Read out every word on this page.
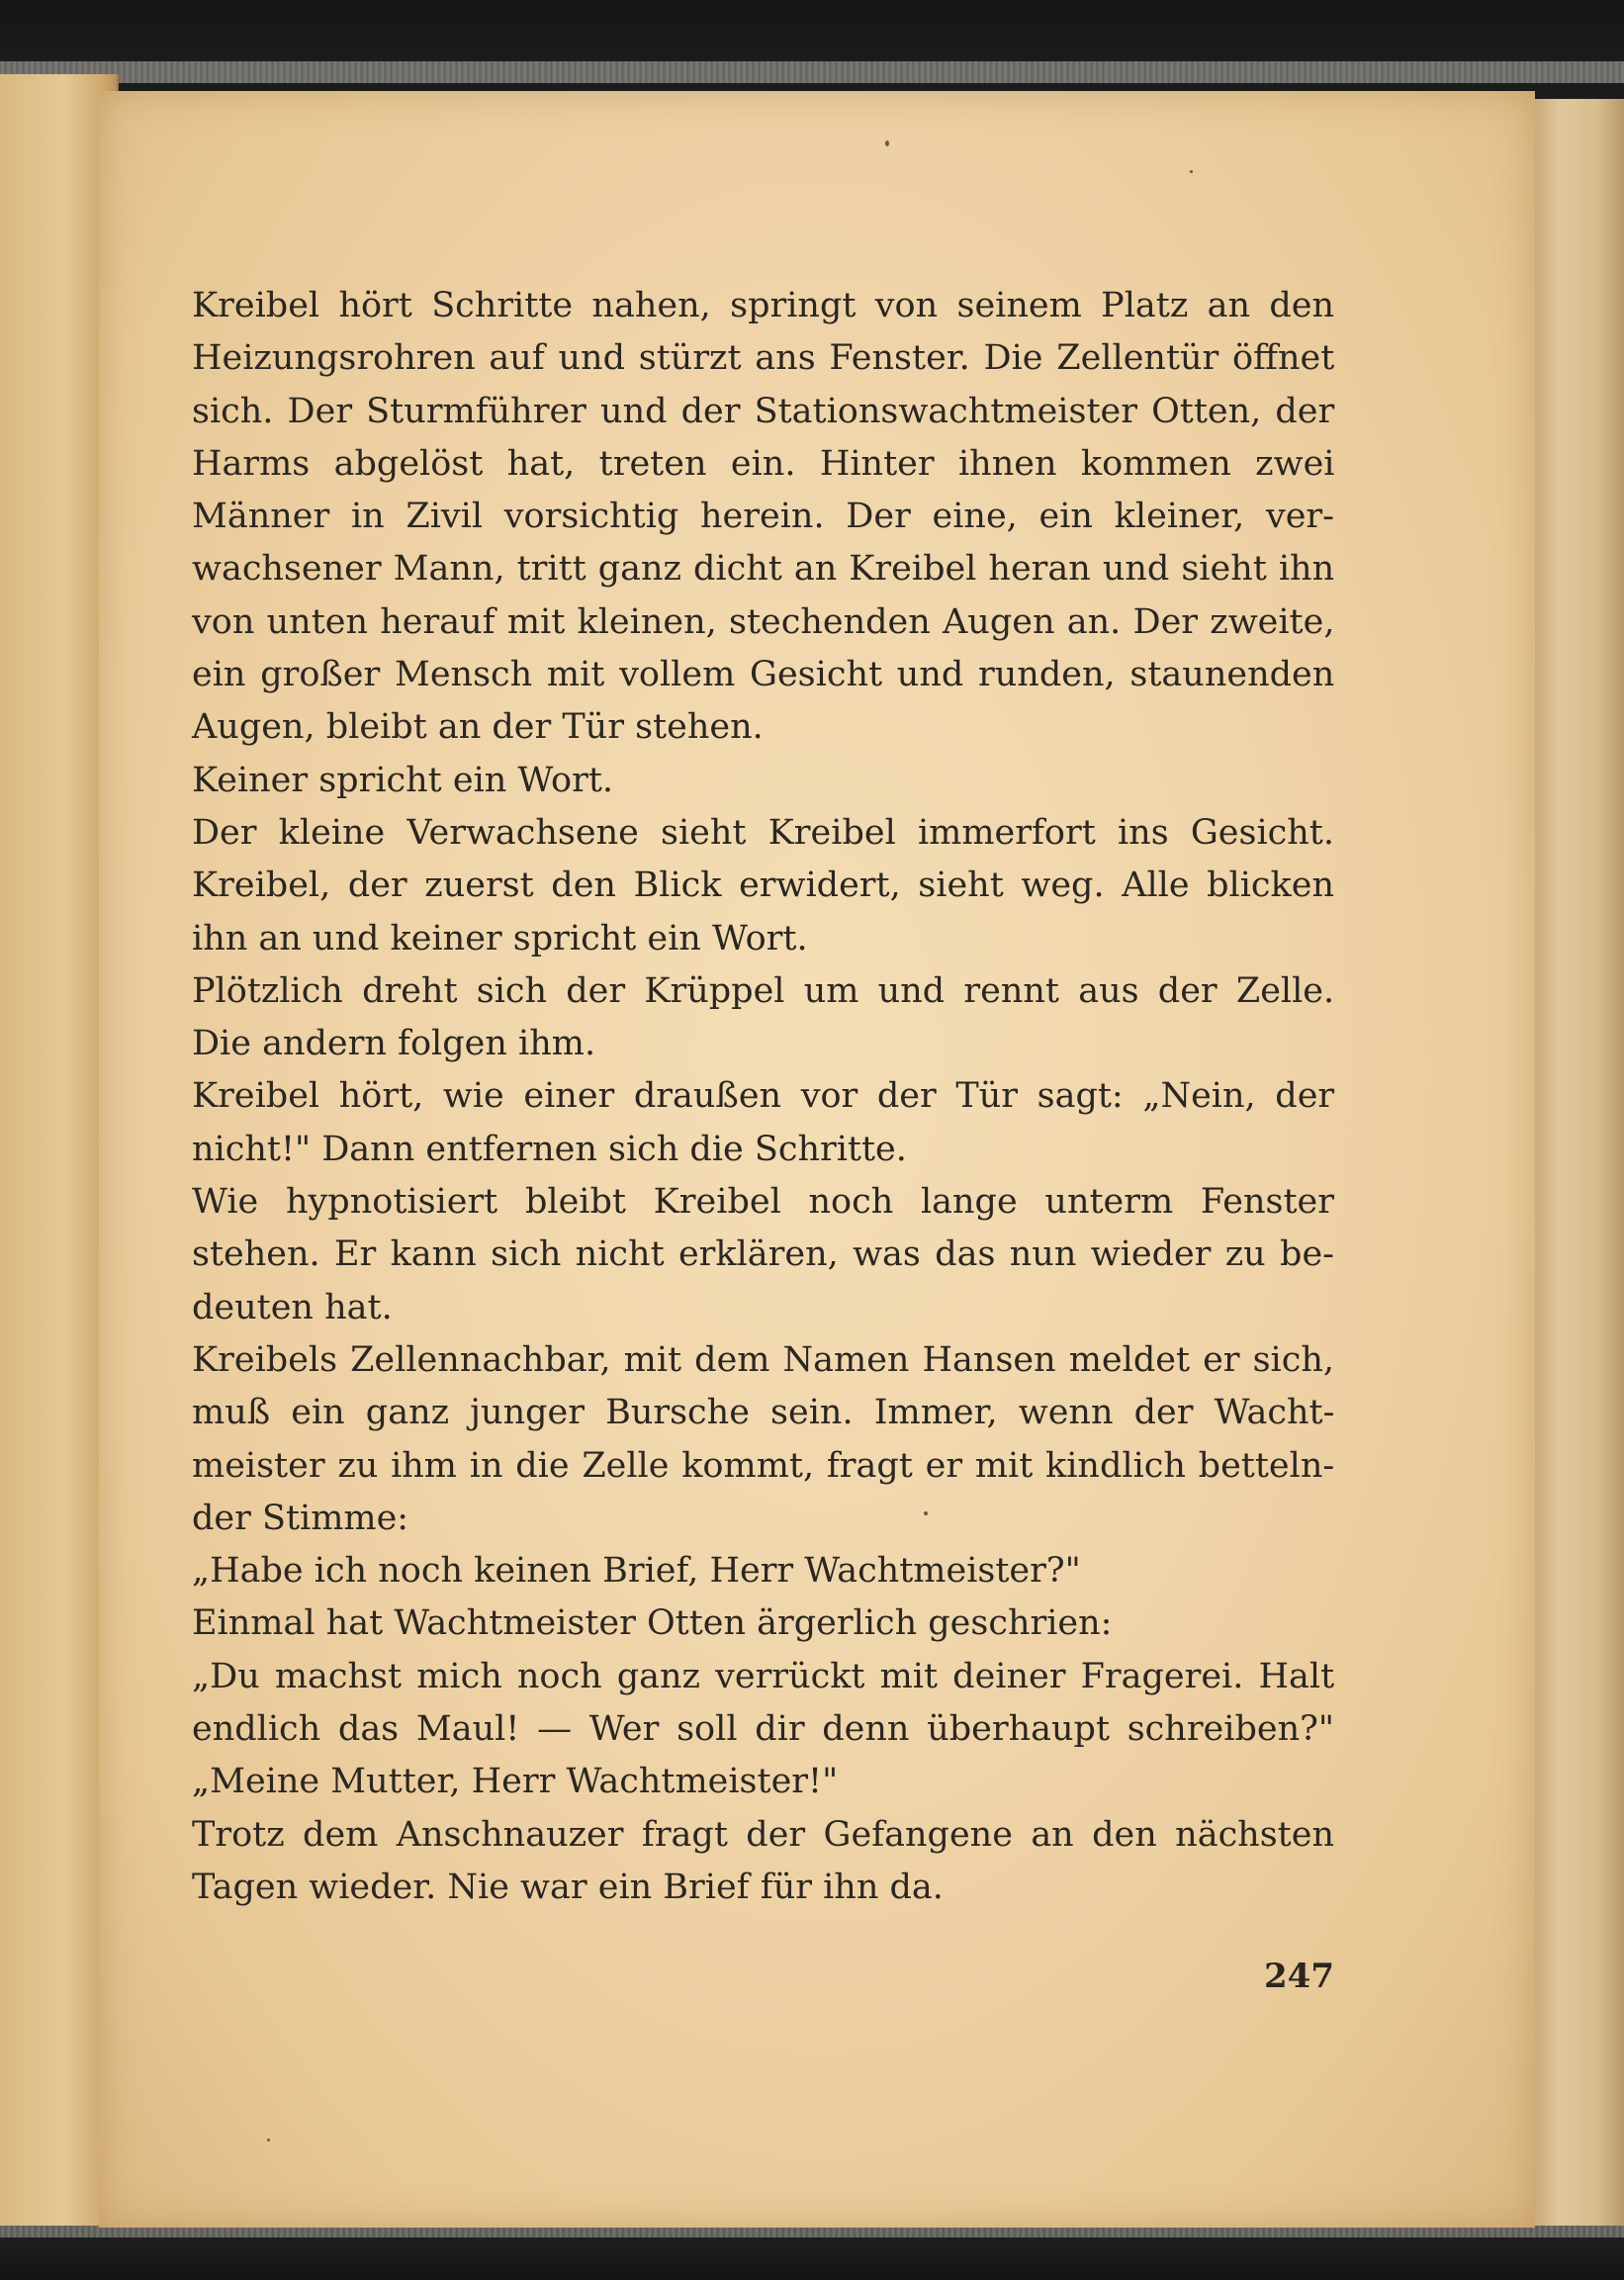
Kreibel hört Schritte nahen, springt von seinem Platz an den
Heizungsrohren auf und stürzt ans Fenster. Die Zellentür öffnet
sich. Der Sturmführer und der Stationswachtmeister Otten, der
Harms abgelöst hat, treten ein. Hinter ihnen kommen zwei
Männer in Zivil vorsichtig herein. Der eine, ein kleiner, ver-
wachsener Mann, tritt ganz dicht an Kreibel heran und sieht ihn
von unten herauf mit kleinen, stechenden Augen an. Der zweite,
ein großer Mensch mit vollem Gesicht und runden, staunenden
Augen, bleibt an der Tür stehen.
Keiner spricht ein Wort.
Der kleine Verwachsene sieht Kreibel immerfort ins Gesicht.
Kreibel, der zuerst den Blick erwidert, sieht weg. Alle blicken
ihn an und keiner spricht ein Wort.
Plötzlich dreht sich der Krüppel um und rennt aus der Zelle.
Die andern folgen ihm.
Kreibel hört, wie einer draußen vor der Tür sagt: „Nein, der
nicht!" Dann entfernen sich die Schritte.
Wie hypnotisiert bleibt Kreibel noch lange unterm Fenster
stehen. Er kann sich nicht erklären, was das nun wieder zu be-
deuten hat.
Kreibels Zellennachbar, mit dem Namen Hansen meldet er sich,
muß ein ganz junger Bursche sein. Immer, wenn der Wacht-
meister zu ihm in die Zelle kommt, fragt er mit kindlich betteln-
der Stimme:
„Habe ich noch keinen Brief, Herr Wachtmeister?"
Einmal hat Wachtmeister Otten ärgerlich geschrien:
„Du machst mich noch ganz verrückt mit deiner Fragerei. Halt
endlich das Maul! — Wer soll dir denn überhaupt schreiben?"
„Meine Mutter, Herr Wachtmeister!"
Trotz dem Anschnauzer fragt der Gefangene an den nächsten
Tagen wieder. Nie war ein Brief für ihn da.
247
